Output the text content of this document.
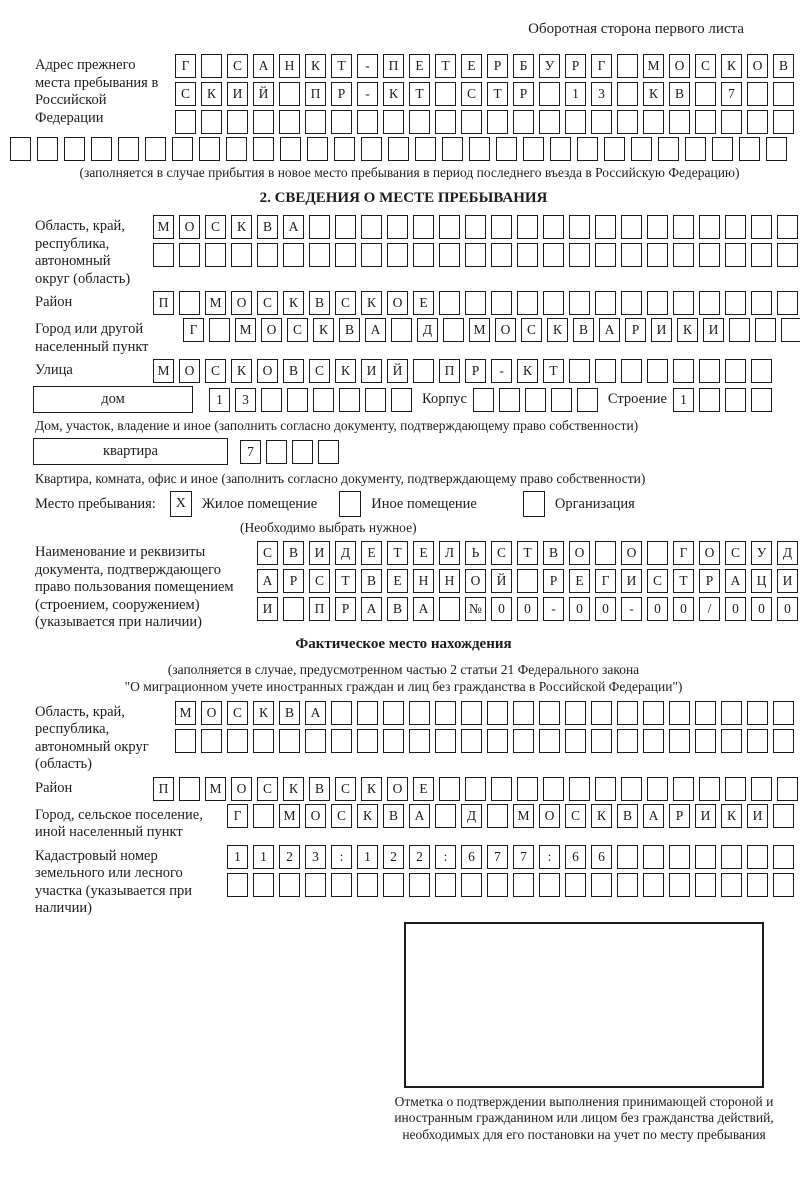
Оборотная сторона первого листа
Адрес прежнего места пребывания в Российской Федерации
Г	С	А	Н	К	Т	-	П	Е	Т	Е	Р	Б	У	Р	Г	М	О	С	К	О	В
С	К	И	Й	П	Р	-	К	Т	С	Т	Р	1	3	К	В	7
(заполняется в случае прибытия в новое место пребывания в период последнего въезда в Российскую Федерацию)
2. СВЕДЕНИЯ О МЕСТЕ ПРЕБЫВАНИЯ
Область, край, республика, автономный округ (область)
М	О	С	К	В	А
Район	П	М	О	С	К	В	С	К	О	Е
Город или другой населенный пункт
Г	М	О	С	К	В	А	Д	М	О	С	К	В	А	Р	И	К	И
Улица	М	О	С	К	О	В	С	К	И	Й	П	Р	-	К	Т
дом	1	3	Корпус	Строение 1
Дом, участок, владение и иное (заполнить согласно документу, подтверждающему право собственности)
квартира	7
Квартира, комната, офис и иное (заполнить согласно документу, подтверждающему право собственности)
Место пребывания:	X	Жилое помещение	Иное помещение	Организация
(Необходимо выбрать нужное)
Наименование и реквизиты документа, подтверждающего право пользования помещением (строением, сооружением) (указывается при наличии)
С	В	И	Д	Е	Т	Е	Л	Ь	С	Т	В	О	О	Г	О	С	У	Д
А	Р	С	Т	В	Е	Н	Н	О	Й	Р	Е	Г	И	С	Т	Р	А	Ц	И
И	П	Р	А	В	А	№	0	0	-	0	0	-	0	0	/	0	0	0
Фактическое место нахождения
(заполняется в случае, предусмотренном частью 2 статьи 21 Федерального закона
"О миграционном учете иностранных граждан и лиц без гражданства в Российской Федерации")
Область, край, республика, автономный округ (область)
М	О	С	К	В	А
Район	П	М	О	С	К	В	С	К	О	Е
Город, сельское поселение, иной населенный пункт
Г	М	О	С	К	В	А	Д	М	О	С	К	В	А	Р	И	К	И
Кадастровый номер земельного или лесного участка (указывается при наличии)
1	1	2	3	:	1	2	2	:	6	7	7	:	6	6
Отметка о подтверждении выполнения принимающей стороной и иностранным гражданином или лицом без гражданства действий, необходимых для его постановки на учет по месту пребывания
